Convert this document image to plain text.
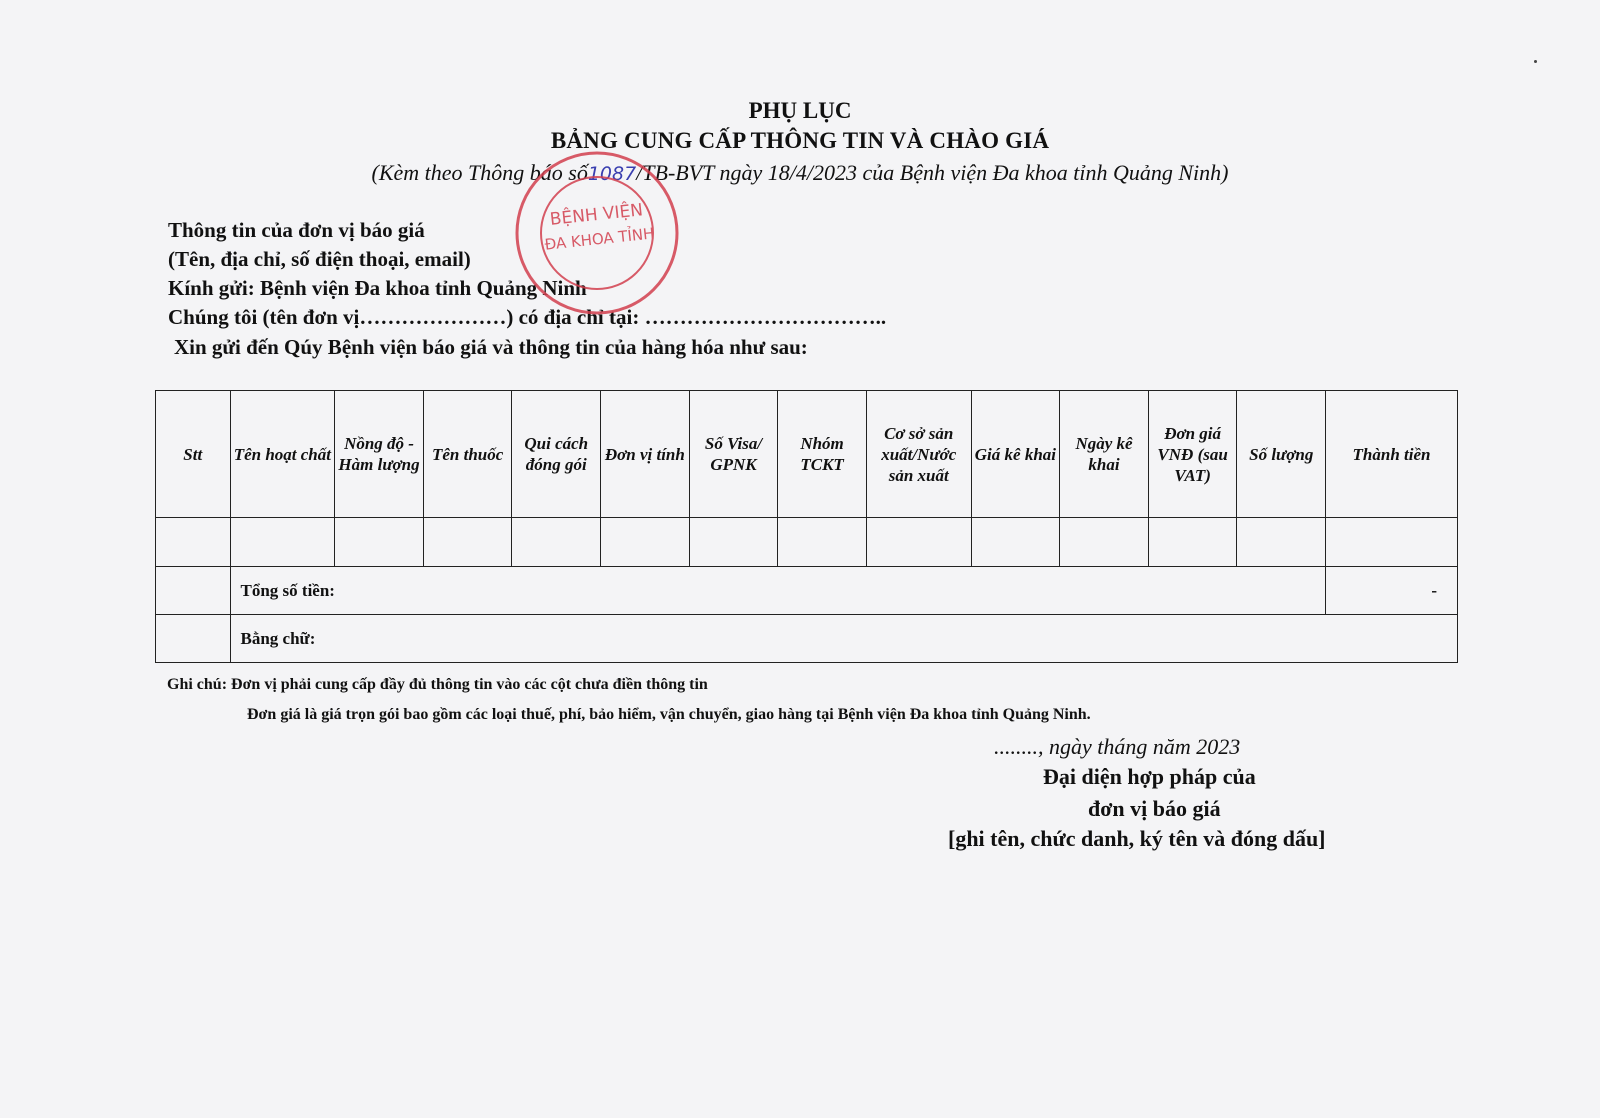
PHỤ LỤC
BẢNG CUNG CẤP THÔNG TIN VÀ CHÀO GIÁ
(Kèm theo Thông báo số1087/TB-BVT ngày 18/4/2023 của Bệnh viện Đa khoa tỉnh Quảng Ninh)
Thông tin của đơn vị báo giá
(Tên, địa chỉ, số điện thoại, email)
Kính gửi: Bệnh viện Đa khoa tỉnh Quảng Ninh
Chúng tôi (tên đơn vị…………………) có địa chỉ tại: ……………………………..
Xin gửi đến Qúy Bệnh viện báo giá và thông tin của hàng hóa như sau:
Stt	Tên hoạt chất	Nồng độ - Hàm lượng	Tên thuốc	Qui cách đóng gói	Đơn vị tính	Số Visa/ GPNK	Nhóm TCKT	Cơ sở sản xuất/Nước sản xuất	Giá kê khai	Ngày kê khai	Đơn giá VNĐ (sau VAT)	Số lượng	Thành tiền

	Tổng số tiền:												-
	Bằng chữ:												
Ghi chú: Đơn vị phải cung cấp đầy đủ thông tin vào các cột chưa điền thông tin
Đơn giá là giá trọn gói bao gồm các loại thuế, phí, bảo hiểm, vận chuyển, giao hàng tại Bệnh viện Đa khoa tỉnh Quảng Ninh.
........, ngày tháng năm 2023
Đại diện hợp pháp của
đơn vị báo giá
[ghi tên, chức danh, ký tên và đóng dấu]
BỆNH VIỆN
ĐA KHOA TỈNH
